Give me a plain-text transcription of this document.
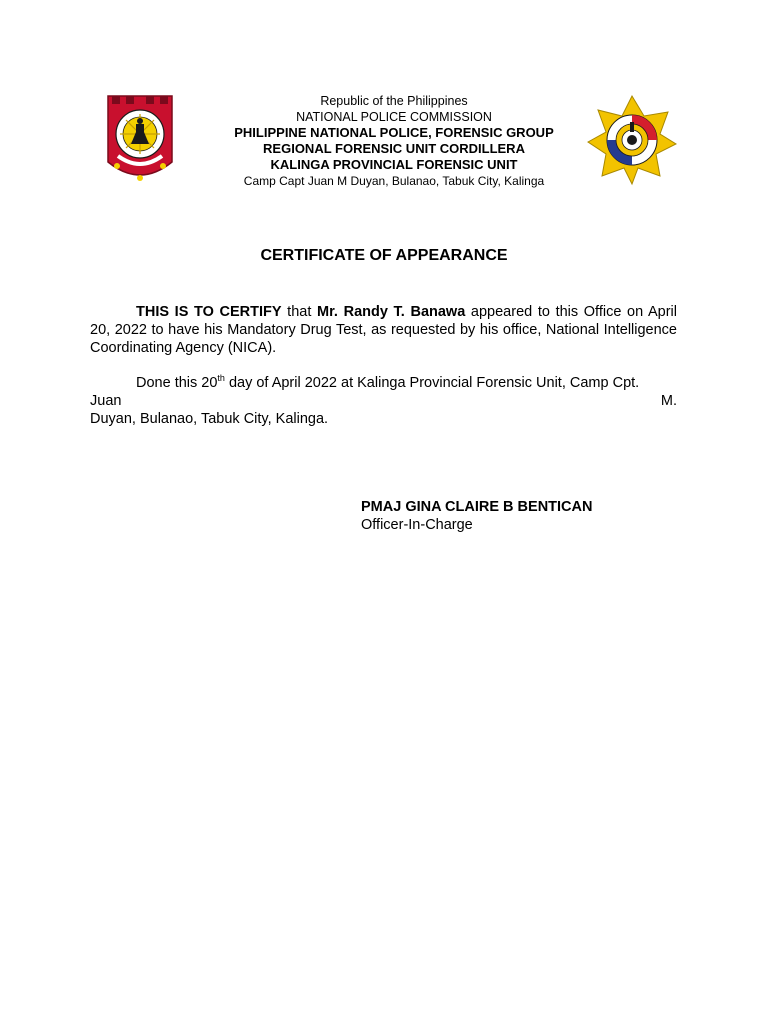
Republic of the Philippines
NATIONAL POLICE COMMISSION
PHILIPPINE NATIONAL POLICE, FORENSIC GROUP
REGIONAL FORENSIC UNIT CORDILLERA
KALINGA PROVINCIAL FORENSIC UNIT
Camp Capt Juan M Duyan, Bulanao, Tabuk City, Kalinga
CERTIFICATE OF APPEARANCE
THIS IS TO CERTIFY that Mr. Randy T. Banawa appeared to this Office on April 20, 2022 to have his Mandatory Drug Test, as requested by his office, National Intelligence Coordinating Agency (NICA).
Done this 20th day of April 2022 at Kalinga Provincial Forensic Unit, Camp Cpt.
Juan	M.
Duyan, Bulanao, Tabuk City, Kalinga.
PMAJ GINA CLAIRE B BENTICAN
Officer-In-Charge
